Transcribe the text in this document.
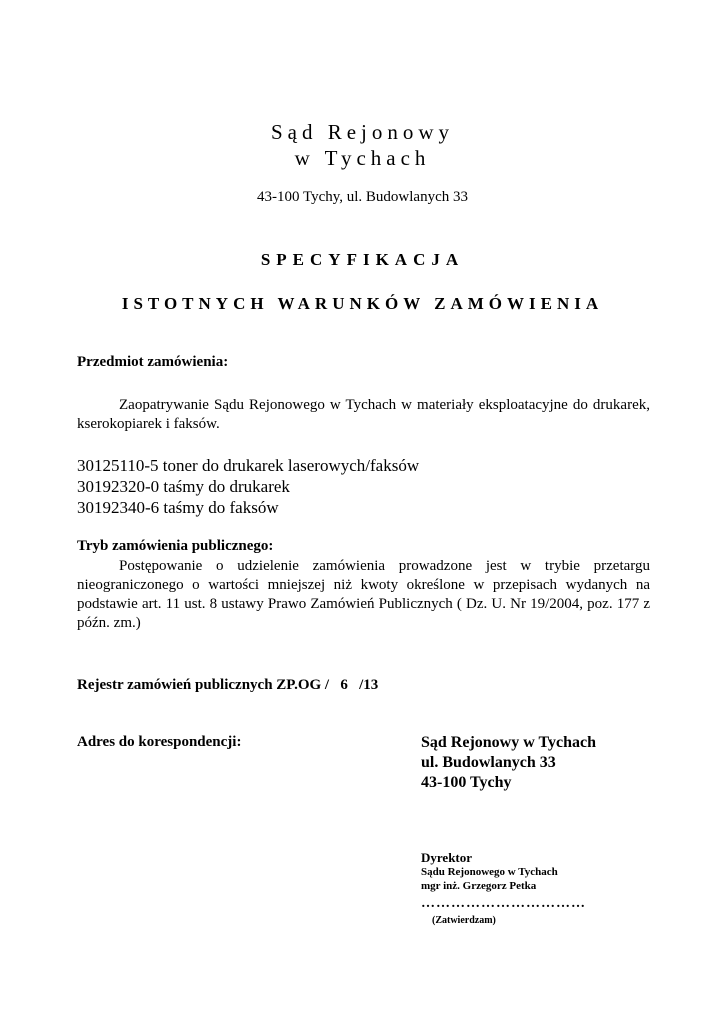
Sąd Rejonowy
w Tychach
43-100 Tychy, ul. Budowlanych 33
SPECYFIKACJA
ISTOTNYCH WARUNKÓW ZAMÓWIENIA
Przedmiot zamówienia:
Zaopatrywanie Sądu Rejonowego w Tychach w materiały eksploatacyjne do drukarek, kserokopiarek i faksów.
30125110-5 toner do drukarek laserowych/faksów
30192320-0 taśmy do drukarek
30192340-6 taśmy do faksów
Tryb zamówienia publicznego:
Postępowanie o udzielenie zamówienia prowadzone jest w trybie przetargu nieograniczonego o wartości mniejszej niż kwoty określone w przepisach wydanych na podstawie art. 11 ust. 8 ustawy Prawo Zamówień Publicznych ( Dz. U. Nr 19/2004, poz. 177 z późn. zm.)
Rejestr zamówień publicznych ZP.OG /   6   /13
Adres do korespondencji:	Sąd Rejonowy w Tychach
ul. Budowlanych 33
43-100 Tychy
Dyrektor
Sądu Rejonowego w Tychach
mgr inż. Grzegorz Petka
……………………………
(Zatwierdzam)
